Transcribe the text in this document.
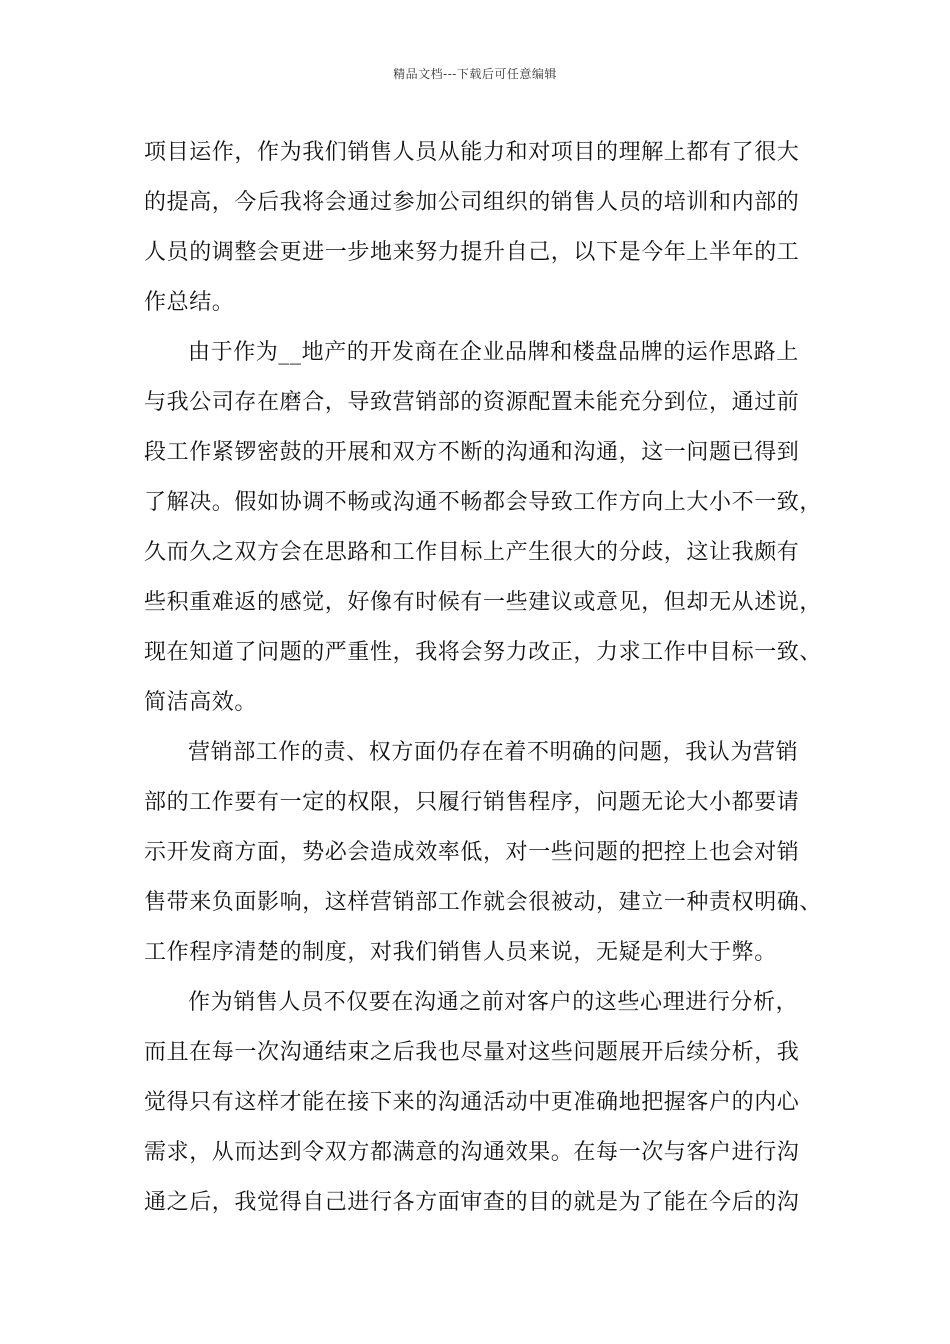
精品文档---下载后可任意编辑
项目运作，作为我们销售人员从能力和对项目的理解上都有了很大
的提高，今后我将会通过参加公司组织的销售人员的培训和内部的
人员的调整会更进一步地来努力提升自己，以下是今年上半年的工
作总结。
由于作为__地产的开发商在企业品牌和楼盘品牌的运作思路上
与我公司存在磨合，导致营销部的资源配置未能充分到位，通过前
段工作紧锣密鼓的开展和双方不断的沟通和沟通，这一问题已得到
了解决。假如协调不畅或沟通不畅都会导致工作方向上大小不一致，
久而久之双方会在思路和工作目标上产生很大的分歧，这让我颇有
些积重难返的感觉，好像有时候有一些建议或意见，但却无从述说，
现在知道了问题的严重性，我将会努力改正，力求工作中目标一致、
简洁高效。
营销部工作的责、权方面仍存在着不明确的问题，我认为营销
部的工作要有一定的权限，只履行销售程序，问题无论大小都要请
示开发商方面，势必会造成效率低，对一些问题的把控上也会对销
售带来负面影响，这样营销部工作就会很被动，建立一种责权明确、
工作程序清楚的制度，对我们销售人员来说，无疑是利大于弊。
作为销售人员不仅要在沟通之前对客户的这些心理进行分析，
而且在每一次沟通结束之后我也尽量对这些问题展开后续分析，我
觉得只有这样才能在接下来的沟通活动中更准确地把握客户的内心
需求，从而达到令双方都满意的沟通效果。在每一次与客户进行沟
通之后，我觉得自己进行各方面审查的目的就是为了能在今后的沟
